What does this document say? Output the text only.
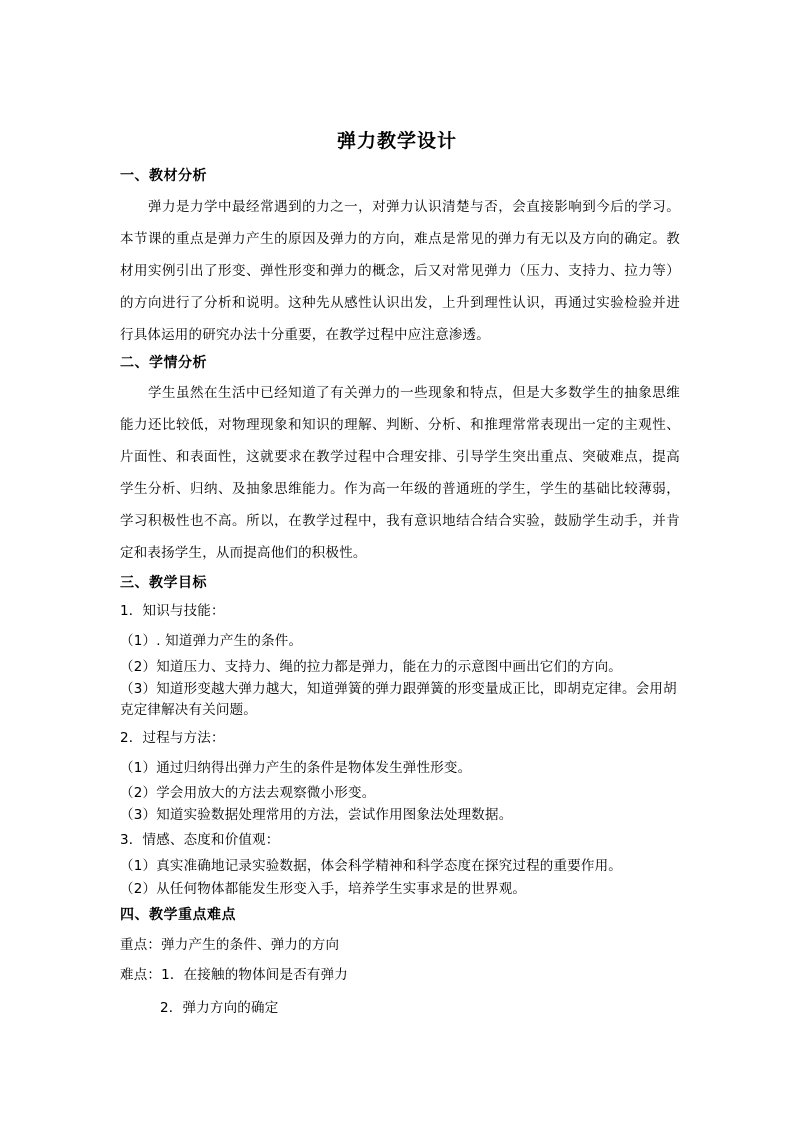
弹力教学设计
一、教材分析
弹力是力学中最经常遇到的力之一，对弹力认识清楚与否，会直接影响到今后的学习。本节课的重点是弹力产生的原因及弹力的方向，难点是常见的弹力有无以及方向的确定。教材用实例引出了形变、弹性形变和弹力的概念，后又对常见弹力（压力、支持力、拉力等）的方向进行了分析和说明。这种先从感性认识出发，上升到理性认识，再通过实验检验并进行具体运用的研究办法十分重要，在教学过程中应注意渗透。
二、学情分析
学生虽然在生活中已经知道了有关弹力的一些现象和特点，但是大多数学生的抽象思维能力还比较低，对物理现象和知识的理解、判断、分析、和推理常常表现出一定的主观性、片面性、和表面性，这就要求在教学过程中合理安排、引导学生突出重点、突破难点，提高学生分析、归纳、及抽象思维能力。作为高一年级的普通班的学生，学生的基础比较薄弱，学习积极性也不高。所以，在教学过程中，我有意识地结合结合实验，鼓励学生动手，并肯定和表扬学生，从而提高他们的积极性。
三、教学目标
1．知识与技能：
（1）. 知道弹力产生的条件。
（2）知道压力、支持力、绳的拉力都是弹力，能在力的示意图中画出它们的方向。
（3）知道形变越大弹力越大，知道弹簧的弹力跟弹簧的形变量成正比，即胡克定律。会用胡克定律解决有关问题。
2．过程与方法：
（1）通过归纳得出弹力产生的条件是物体发生弹性形变。
（2）学会用放大的方法去观察微小形变。
（3）知道实验数据处理常用的方法，尝试作用图象法处理数据。
3．情感、态度和价值观：
（1）真实准确地记录实验数据，体会科学精神和科学态度在探究过程的重要作用。
（2）从任何物体都能发生形变入手，培养学生实事求是的世界观。
四、教学重点难点
重点：弹力产生的条件、弹力的方向
难点：1．在接触的物体间是否有弹力
2．弹力方向的确定
